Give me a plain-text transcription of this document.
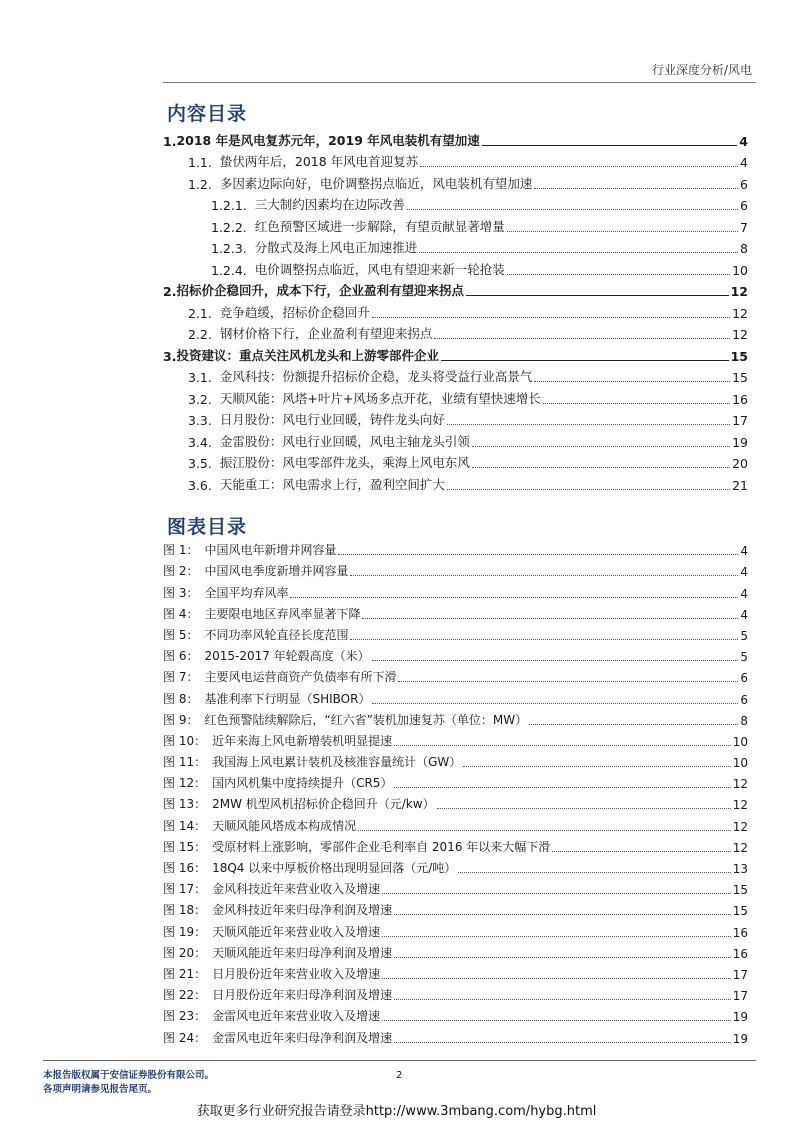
行业深度分析/风电
内容目录
1. 2018 年是风电复苏元年，2019 年风电装机有望加速	4
1.1. 蛰伏两年后，2018 年风电首迎复苏	4
1.2. 多因素边际向好，电价调整拐点临近，风电装机有望加速	6
1.2.1. 三大制约因素均在边际改善	6
1.2.2. 红色预警区域进一步解除，有望贡献显著增量	7
1.2.3. 分散式及海上风电正加速推进	8
1.2.4. 电价调整拐点临近，风电有望迎来新一轮抢装	10
2. 招标价企稳回升，成本下行，企业盈利有望迎来拐点	12
2.1. 竞争趋缓，招标价企稳回升	12
2.2. 钢材价格下行，企业盈利有望迎来拐点	12
3. 投资建议：重点关注风机龙头和上游零部件企业	15
3.1. 金风科技：份额提升招标价企稳，龙头将受益行业高景气	15
3.2. 天顺风能：风塔+叶片+风场多点开花，业绩有望快速增长	16
3.3. 日月股份：风电行业回暖，铸件龙头向好	17
3.4. 金雷股份：风电行业回暖，风电主轴龙头引领	19
3.5. 振江股份：风电零部件龙头，乘海上风电东风	20
3.6. 天能重工：风电需求上行，盈利空间扩大	21
图表目录
图 1： 中国风电年新增并网容量	4
图 2： 中国风电季度新增并网容量	4
图 3： 全国平均弃风率	4
图 4： 主要限电地区弃风率显著下降	4
图 5： 不同功率风轮直径长度范围	5
图 6： 2015-2017 年轮毂高度（米）	5
图 7： 主要风电运营商资产负债率有所下滑	6
图 8： 基准利率下行明显（SHIBOR）	6
图 9： 红色预警陆续解除后，“红六省”装机加速复苏（单位：MW）	8
图 10： 近年来海上风电新增装机明显提速	10
图 11： 我国海上风电累计装机及核准容量统计（GW）	10
图 12： 国内风机集中度持续提升（CR5）	12
图 13： 2MW 机型风机招标价企稳回升（元/kw）	12
图 14： 天顺风能风塔成本构成情况	12
图 15： 受原材料上涨影响，零部件企业毛利率自 2016 年以来大幅下滑	12
图 16： 18Q4 以来中厚板价格出现明显回落（元/吨）	13
图 17： 金风科技近年来营业收入及增速	15
图 18： 金风科技近年来归母净利润及增速	15
图 19： 天顺风能近年来营业收入及增速	16
图 20： 天顺风能近年来归母净利润及增速	16
图 21： 日月股份近年来营业收入及增速	17
图 22： 日月股份近年来归母净利润及增速	17
图 23： 金雷风电近年来营业收入及增速	19
图 24： 金雷风电近年来归母净利润及增速	19
本报告版权属于安信证券股份有限公司。
各项声明请参见报告尾页。
2
获取更多行业研究报告请登录http://www.3mbang.com/hybg.html
